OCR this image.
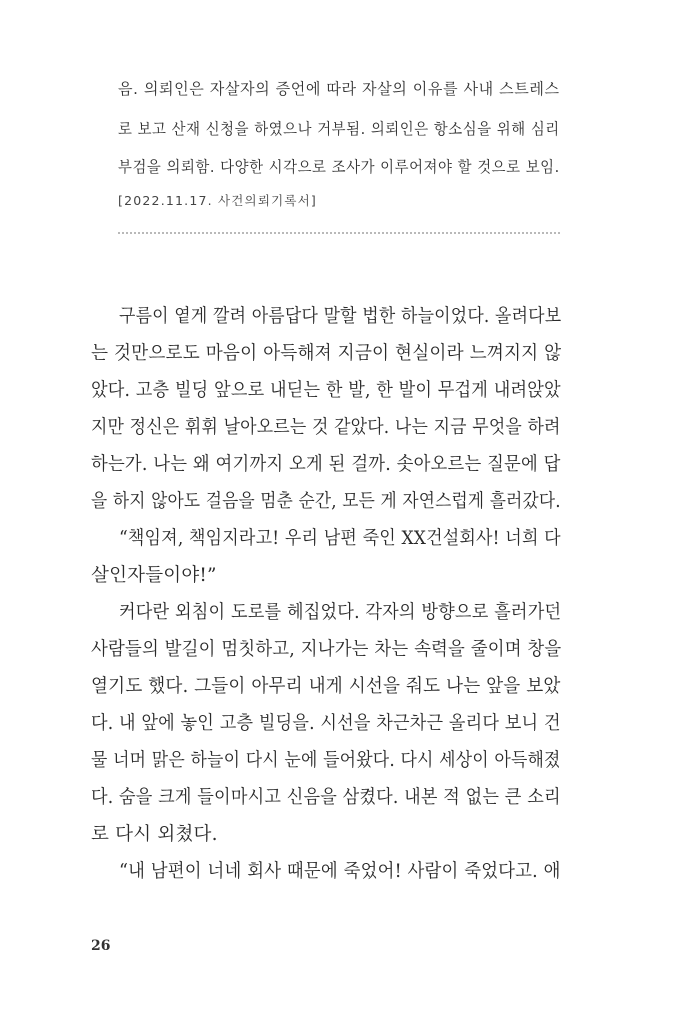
음. 의뢰인은 자살자의 증언에 따라 자살의 이유를 사내 스트레스
로 보고 산재 신청을 하였으나 거부됨. 의뢰인은 항소심을 위해 심리
부검을 의뢰함. 다양한 시각으로 조사가 이루어져야 할 것으로 보임.
[2022.11.17. 사건의뢰기록서]
구름이 옅게 깔려 아름답다 말할 법한 하늘이었다. 올려다보
는 것만으로도 마음이 아득해져 지금이 현실이라 느껴지지 않
았다. 고층 빌딩 앞으로 내딛는 한 발, 한 발이 무겁게 내려앉았
지만 정신은 휘휘 날아오르는 것 같았다. 나는 지금 무엇을 하려
하는가. 나는 왜 여기까지 오게 된 걸까. 솟아오르는 질문에 답
을 하지 않아도 걸음을 멈춘 순간, 모든 게 자연스럽게 흘러갔다.
“책임져, 책임지라고! 우리 남편 죽인 XX건설회사! 너희 다
살인자들이야!”
커다란 외침이 도로를 헤집었다. 각자의 방향으로 흘러가던
사람들의 발길이 멈칫하고, 지나가는 차는 속력을 줄이며 창을
열기도 했다. 그들이 아무리 내게 시선을 줘도 나는 앞을 보았
다. 내 앞에 놓인 고층 빌딩을. 시선을 차근차근 올리다 보니 건
물 너머 맑은 하늘이 다시 눈에 들어왔다. 다시 세상이 아득해졌
다. 숨을 크게 들이마시고 신음을 삼켰다. 내본 적 없는 큰 소리
로 다시 외쳤다.
“내 남편이 너네 회사 때문에 죽었어! 사람이 죽었다고. 애
26
